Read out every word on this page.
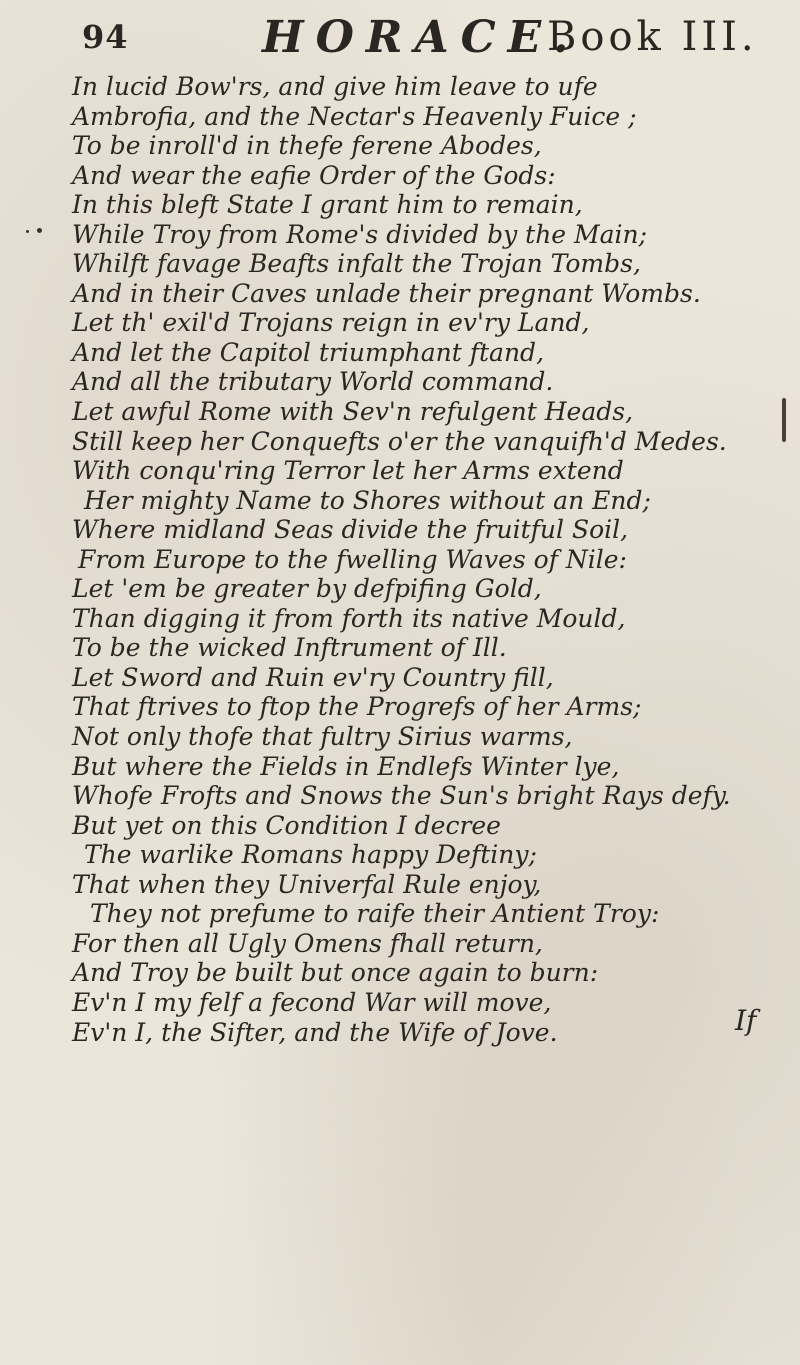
94	HORACE.
Book III.
In lucid Bow'rs, and give him leave to ufe
Ambrofia, and the Nectar's Heavenly Fuice ;
To be inroll'd in thefe ferene Abodes,
And wear the eafie Order of the Gods:
In this bleft State I grant him to remain,
While Troy from Rome's divided by the Main;
Whilft favage Beafts infalt the Trojan Tombs,
And in their Caves unlade their pregnant Wombs.
Let th' exil'd Trojans reign in ev'ry Land,
And let the Capitol triumphant ftand,
And all the tributary World command.
Let awful Rome with Sev'n refulgent Heads,
Still keep her Conquefts o'er the vanquifh'd Medes.
With conqu'ring Terror let her Arms extend
Her mighty Name to Shores without an End;
Where midland Seas divide the fruitful Soil,
From Europe to the fwelling Waves of Nile:
Let 'em be greater by defpifing Gold,
Than digging it from forth its native Mould,
To be the wicked Inftrument of Ill.
Let Sword and Ruin ev'ry Country fill,
That ftrives to ftop the Progrefs of her Arms;
Not only thofe that fultry Sirius warms,
But where the Fields in Endlefs Winter lye,
Whofe Frofts and Snows the Sun's bright Rays defy.
But yet on this Condition I decree
The warlike Romans happy Deftiny;
That when they Univerfal Rule enjoy,
They not prefume to raife their Antient Troy:
For then all Ugly Omens fhall return,
And Troy be built but once again to burn:
Ev'n I my felf a fecond War will move,
Ev'n I, the Sifter, and the Wife of Jove.	If
